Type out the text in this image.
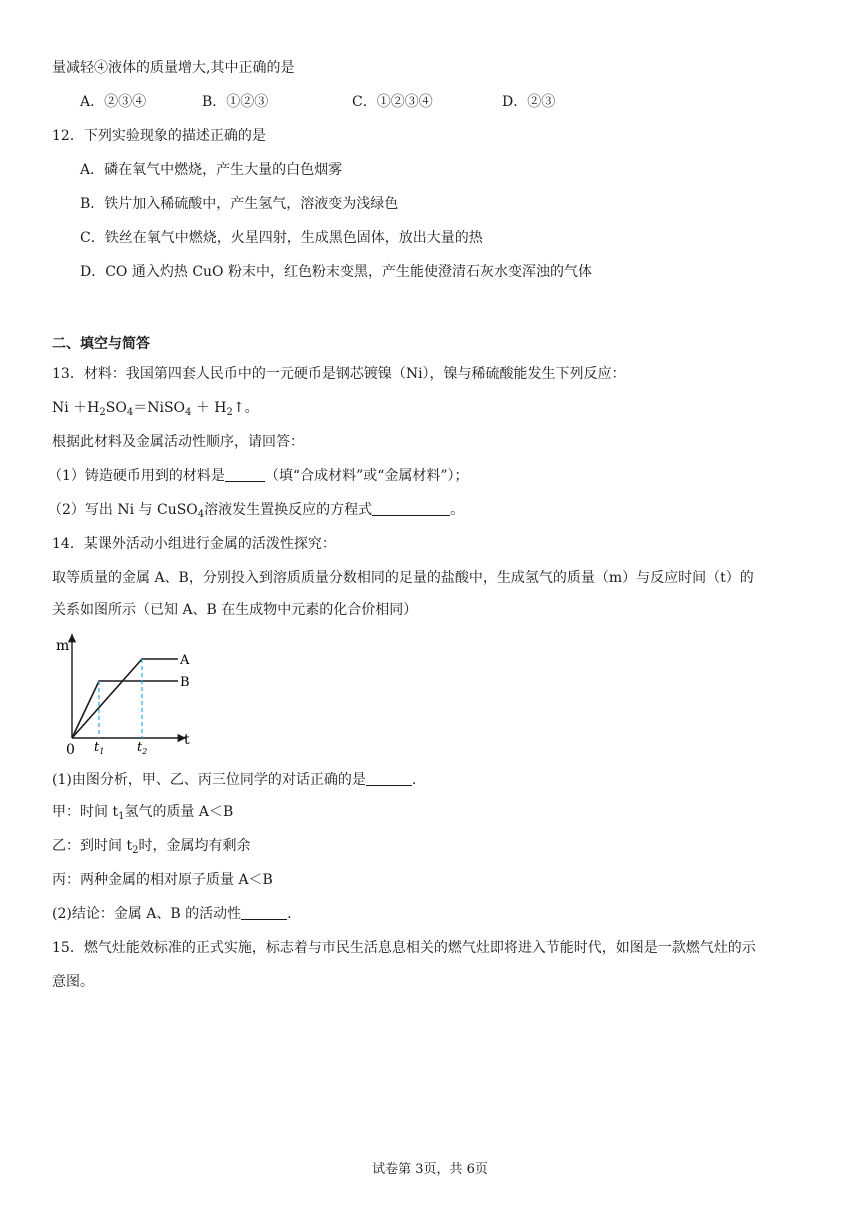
量减轻④液体的质量增大,其中正确的是
A．②③④	B．①②③	C．①②③④	D．②③
12．下列实验现象的描述正确的是
A．磷在氧气中燃烧，产生大量的白色烟雾
B．铁片加入稀硫酸中，产生氢气，溶液变为浅绿色
C．铁丝在氧气中燃烧，火星四射，生成黑色固体，放出大量的热
D．CO 通入灼热 CuO 粉末中，红色粉末变黑，产生能使澄清石灰水变浑浊的气体
二、填空与简答
13．材料：我国第四套人民币中的一元硬币是钢芯镀镍（Ni），镍与稀硫酸能发生下列反应：
$Ni +H_2SO_4=NiSO_4$ ＋ $H_2↑$。
根据此材料及金属活动性顺序，请回答：
（1）铸造硬币用到的材料是	（填“合成材料”或“金属材料”）；
（2）写出 Ni 与 CuSO$_4$溶液发生置换反应的方程式	。
14．某课外活动小组进行金属的活泼性探究：
取等质量的金属 A、B，分别投入到溶质质量分数相同的足量的盐酸中，生成氢气的质量（m）与反应时间（t）的
关系如图所示（已知 A、B 在生成物中元素的化合价相同）
m
t
0
A
B
$t_1$	$t_2$
(1)由图分析，甲、乙、丙三位同学的对话正确的是	.
甲：时间 $t_1$氢气的质量 A＜B
乙：到时间 $t_2$时，金属均有剩余
丙：两种金属的相对原子质量 A＜B
(2)结论：金属 A、B 的活动性	.
15．燃气灶能效标准的正式实施，标志着与市民生活息息相关的燃气灶即将进入节能时代，如图是一款燃气灶的示
意图。
试卷第 3页，共 6页
